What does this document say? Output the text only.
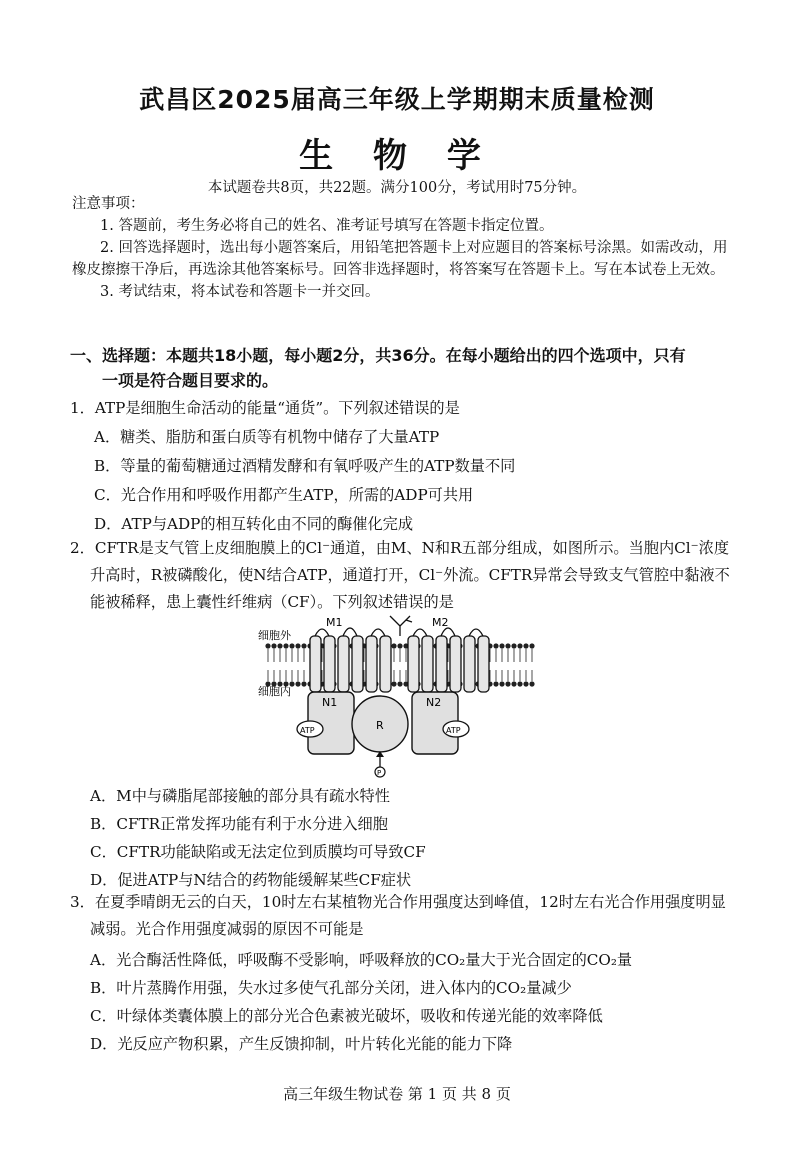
武昌区2025届高三年级上学期期末质量检测
生 物 学
本试题卷共8页，共22题。满分100分，考试用时75分钟。

注意事项：

1. 答题前，考生务必将自己的姓名、准考证号填写在答题卡指定位置。

2. 回答选择题时，选出每小题答案后，用铅笔把答题卡上对应题目的答案标号涂黑。如需改动，用橡皮擦擦干净后，再选涂其他答案标号。回答非选择题时，将答案写在答题卡上。写在本试卷上无效。

3. 考试结束，将本试卷和答题卡一并交回。

一、选择题：本题共18小题，每小题2分，共36分。在每小题给出的四个选项中，只有
一项是符合题目要求的。
1．ATP是细胞生命活动的能量“通货”。下列叙述错误的是
A．糖类、脂肪和蛋白质等有机物中储存了大量ATP
B．等量的葡萄糖通过酒精发酵和有氧呼吸产生的ATP数量不同
C．光合作用和呼吸作用都产生ATP，所需的ADP可共用
D．ATP与ADP的相互转化由不同的酶催化完成
2．CFTR是支气管上皮细胞膜上的Cl⁻通道，由M、N和R五部分组成，如图所示。当胞内Cl⁻浓度升高时，R被磷酸化，使N结合ATP，通道打开，Cl⁻外流。CFTR异常会导致支气管腔中黏液不能被稀释，患上囊性纤维病（CF）。下列叙述错误的是
细胞外
细胞内
M1	M2
N1	N2
R
ATP	ATP
P
A．M中与磷脂尾部接触的部分具有疏水特性
B．CFTR正常发挥功能有利于水分进入细胞
C．CFTR功能缺陷或无法定位到质膜均可导致CF
D．促进ATP与N结合的药物能缓解某些CF症状
3．在夏季晴朗无云的白天，10时左右某植物光合作用强度达到峰值，12时左右光合作用强度明显减弱。光合作用强度减弱的原因不可能是
A．光合酶活性降低，呼吸酶不受影响，呼吸释放的CO₂量大于光合固定的CO₂量
B．叶片蒸腾作用强，失水过多使气孔部分关闭，进入体内的CO₂量减少
C．叶绿体类囊体膜上的部分光合色素被光破坏，吸收和传递光能的效率降低
D．光反应产物积累，产生反馈抑制，叶片转化光能的能力下降
高三年级生物试卷 第 1 页 共 8 页
